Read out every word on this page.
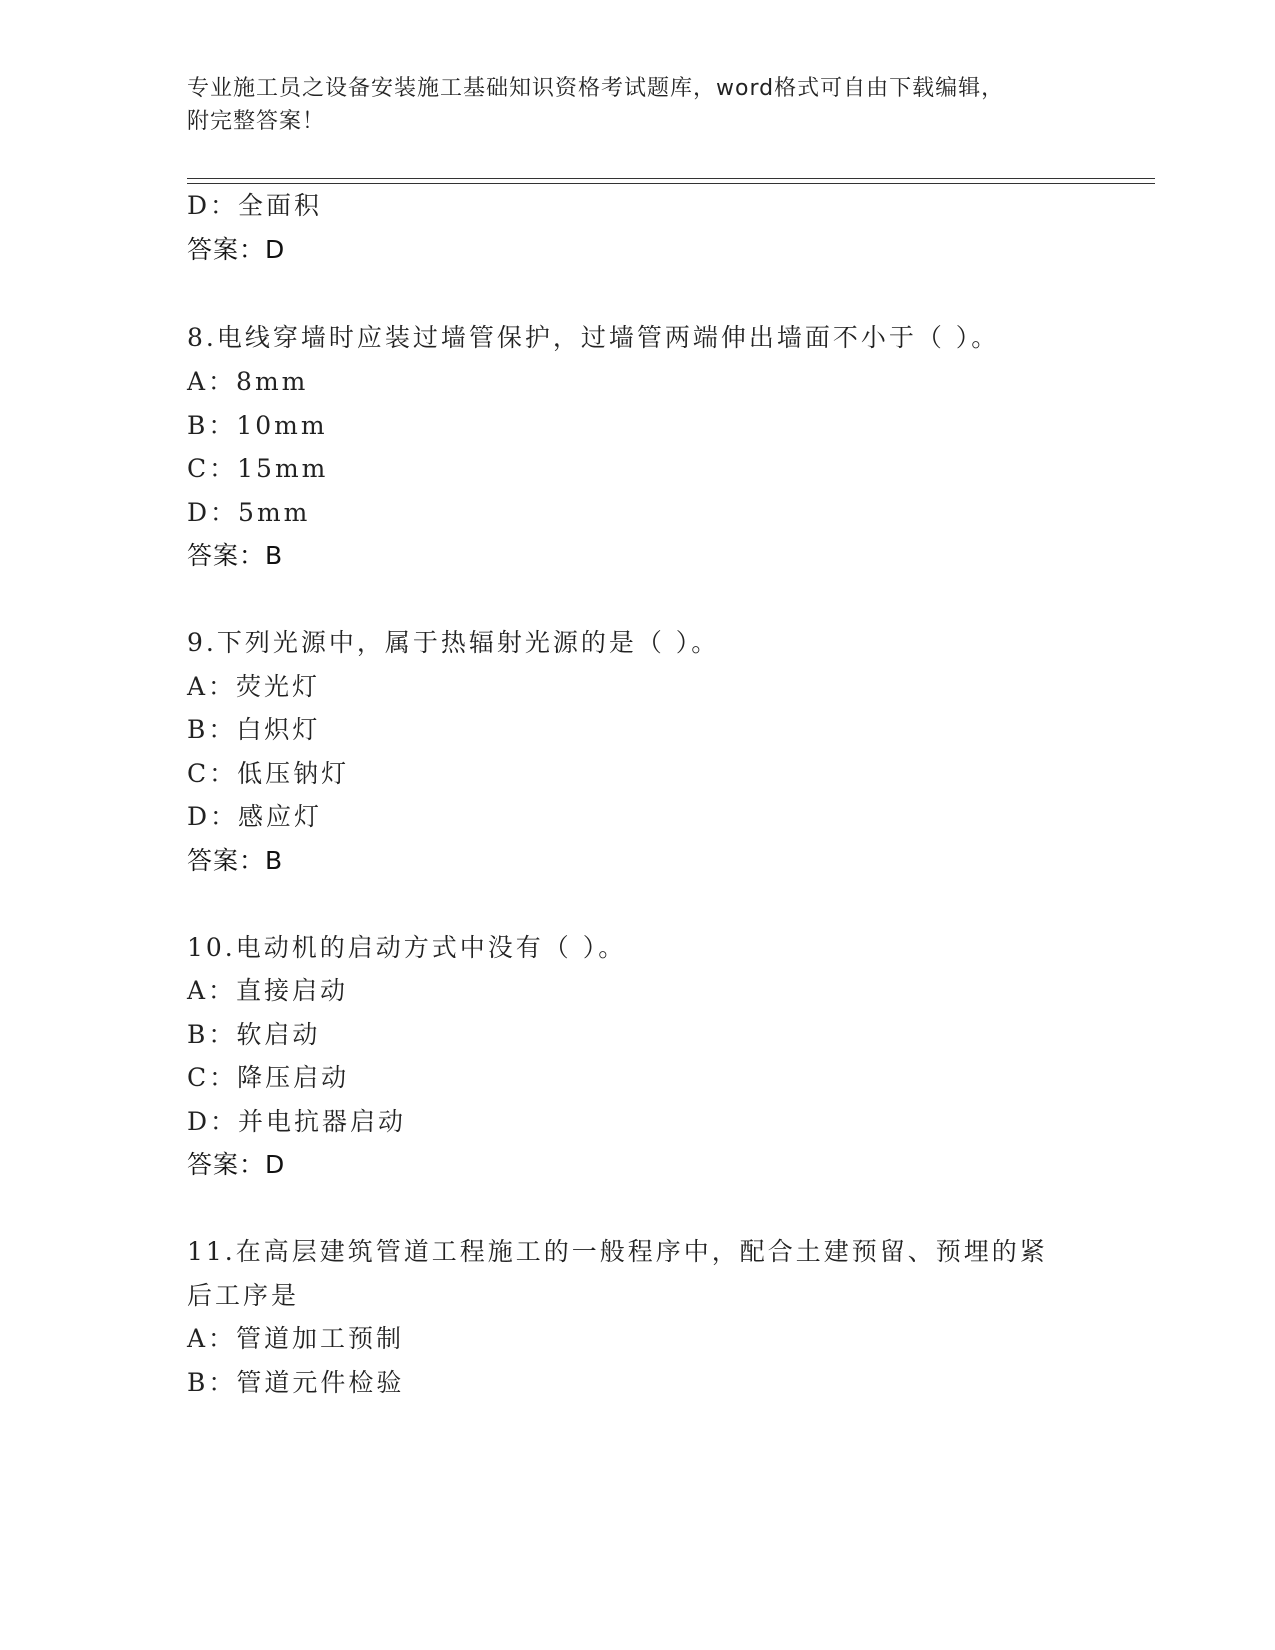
专业施工员之设备安装施工基础知识资格考试题库，word格式可自由下载编辑，
附完整答案！
D：全面积
答案：D
8.电线穿墙时应装过墙管保护，过墙管两端伸出墙面不小于（ ）。
A：8mm
B：10mm
C：15mm
D：5mm
答案：B
9.下列光源中，属于热辐射光源的是（ ）。
A：荧光灯
B：白炽灯
C：低压钠灯
D：感应灯
答案：B
10.电动机的启动方式中没有（ ）。
A：直接启动
B：软启动
C：降压启动
D：并电抗器启动
答案：D
11.在高层建筑管道工程施工的一般程序中，配合土建预留、预埋的紧
后工序是
A：管道加工预制
B：管道元件检验
